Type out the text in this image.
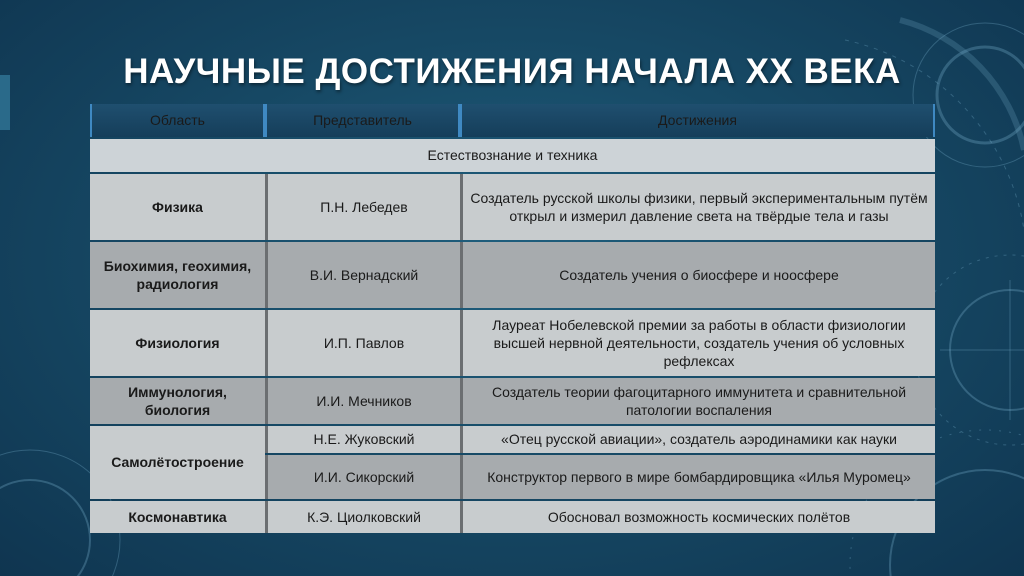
НАУЧНЫЕ ДОСТИЖЕНИЯ НАЧАЛА ХХ ВЕКА
Область	Представитель	Достижения
Естествознание и техника		
Физика	П.Н. Лебедев	Создатель русской школы физики, первый экспериментальным путём открыл и измерил давление света на твёрдые тела и газы
Биохимия, геохимия, радиология	В.И. Вернадский	Создатель учения о биосфере и ноосфере
Физиология	И.П. Павлов	Лауреат Нобелевской премии за работы в области физиологии высшей нервной деятельности, создатель учения об условных рефлексах
Иммунология, биология	И.И. Мечников	Создатель теории фагоцитарного иммунитета и сравнительной патологии воспаления
Самолётостроение	Н.Е. Жуковский	«Отец русской авиации», создатель аэродинамики как науки
	И.И. Сикорский	Конструктор первого в мире бомбардировщика «Илья Муромец»
Космонавтика	К.Э. Циолковский	Обосновал возможность космических полётов
